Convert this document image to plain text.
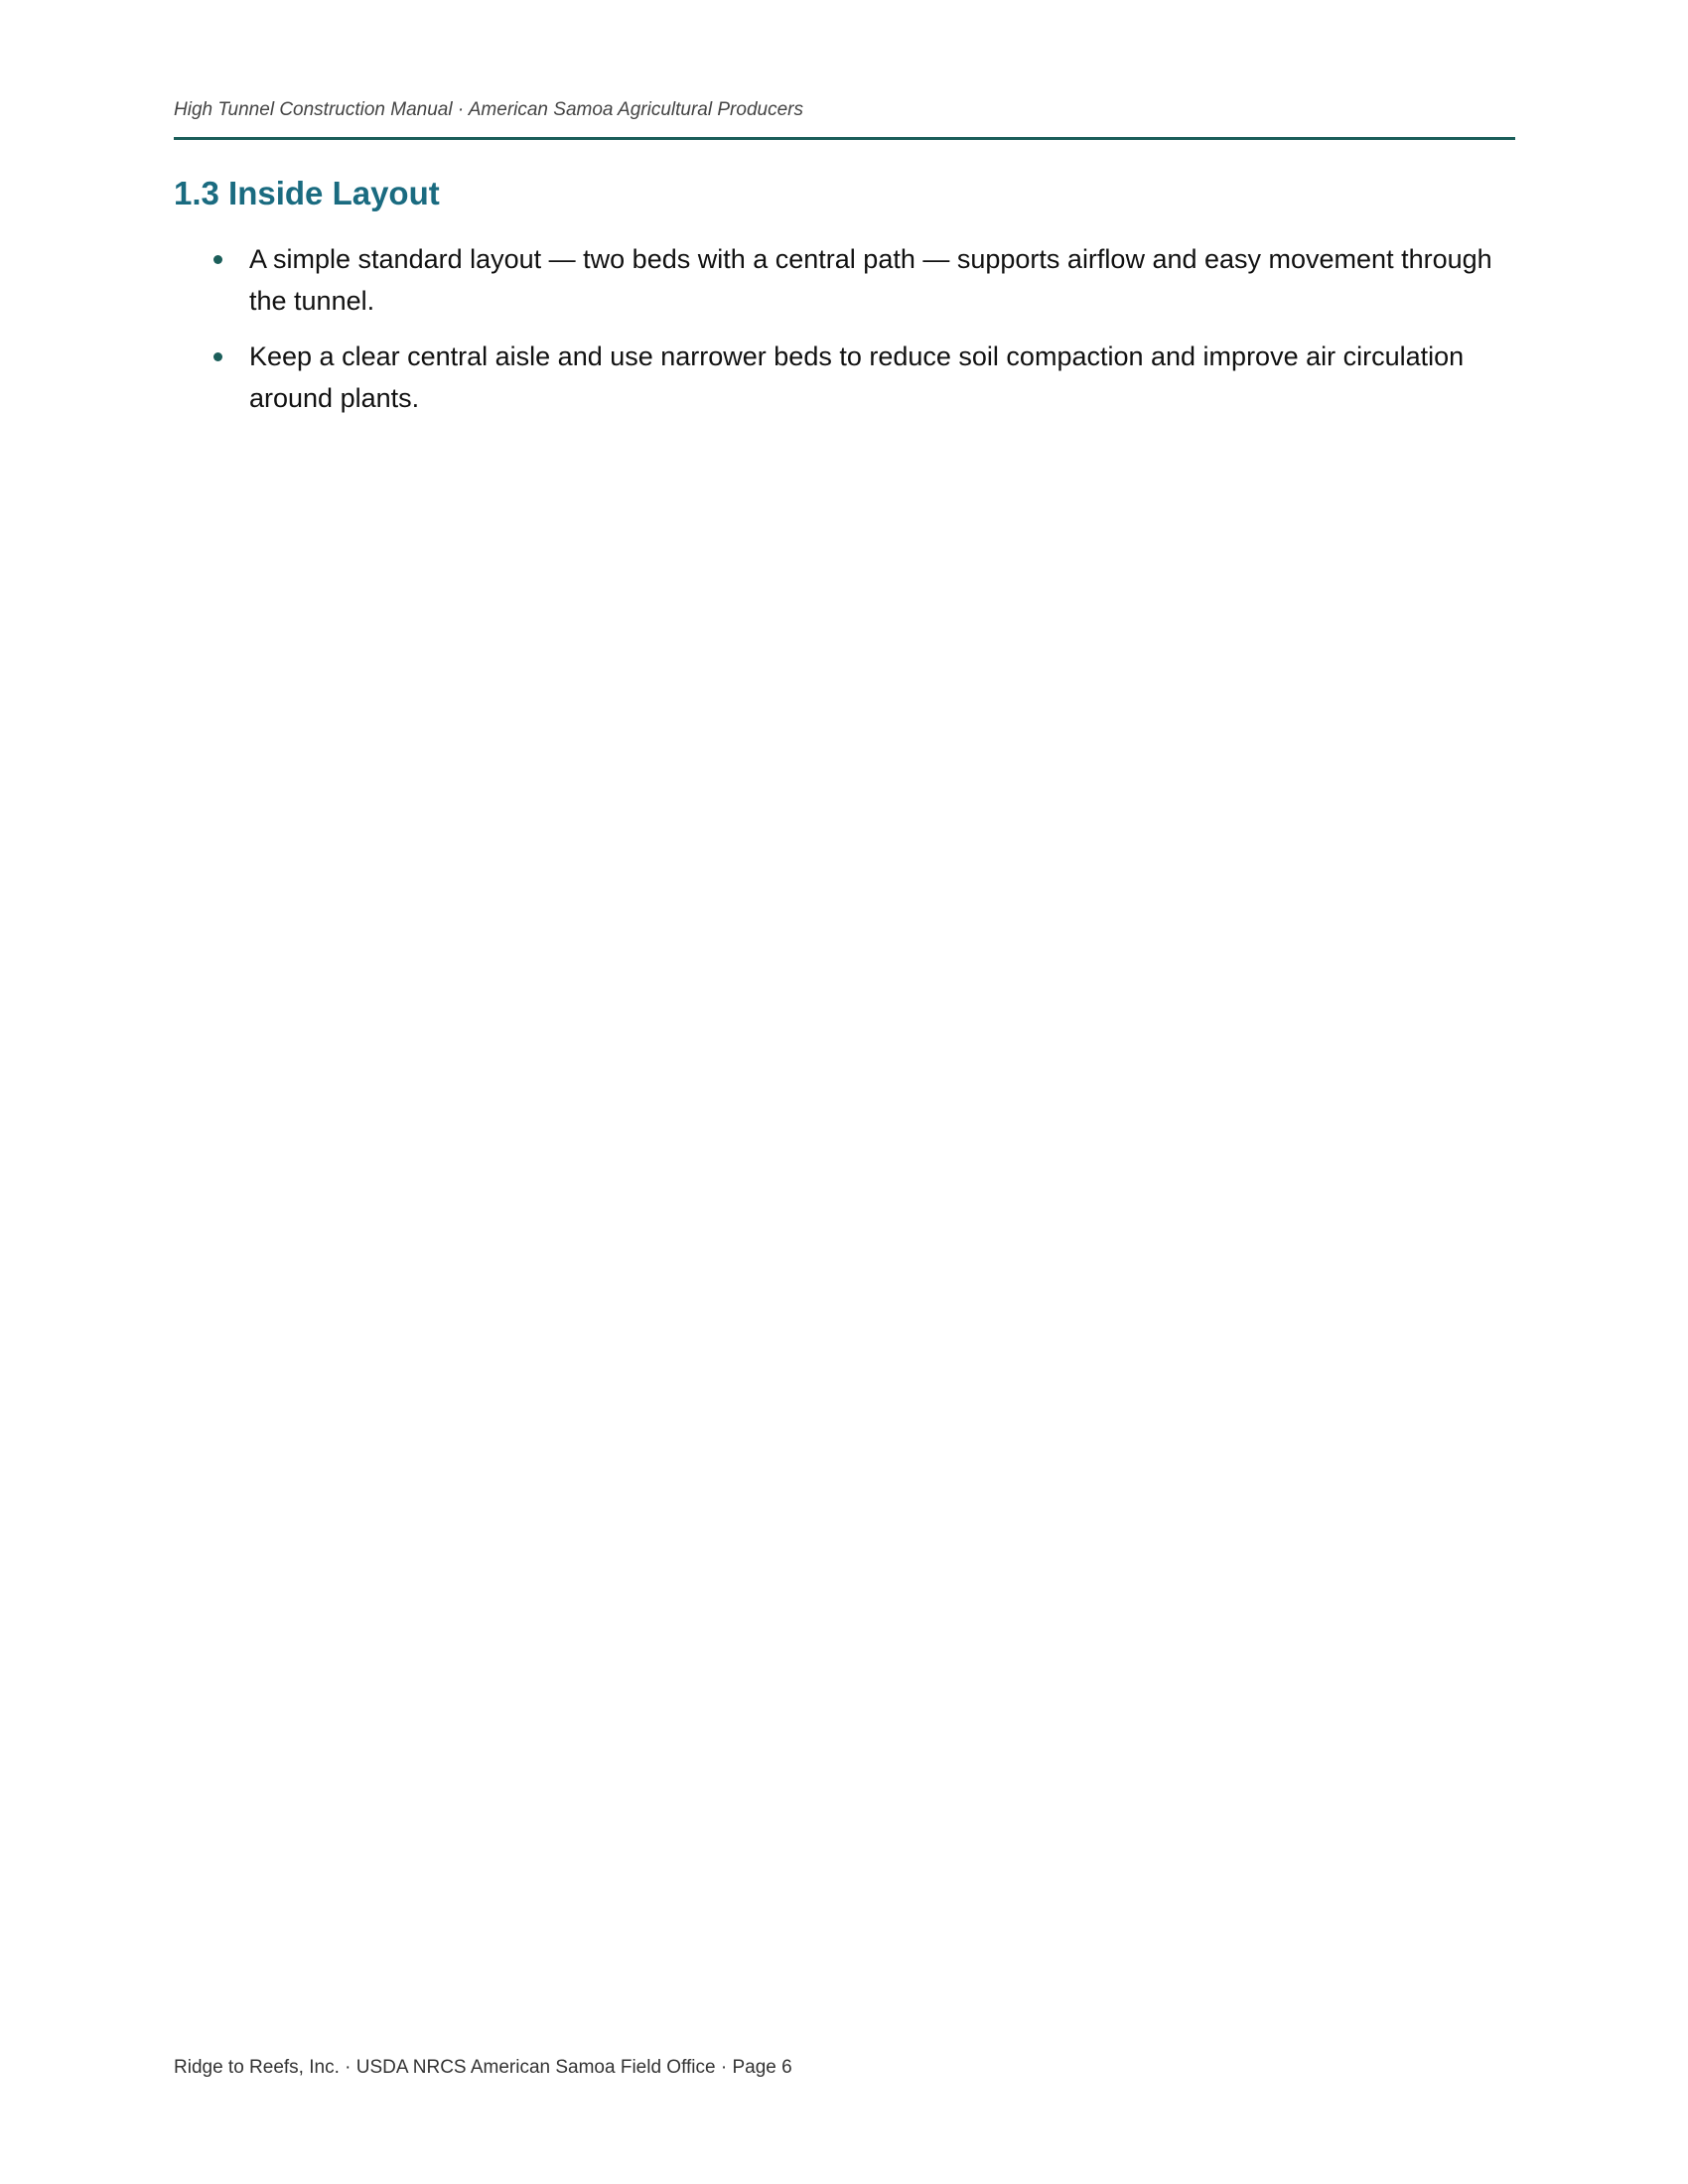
High Tunnel Construction Manual · American Samoa Agricultural Producers
1.3 Inside Layout
A simple standard layout — two beds with a central path — supports airflow and easy movement through the tunnel.
Keep a clear central aisle and use narrower beds to reduce soil compaction and improve air circulation around plants.
Ridge to Reefs, Inc. · USDA NRCS American Samoa Field Office · Page 6
